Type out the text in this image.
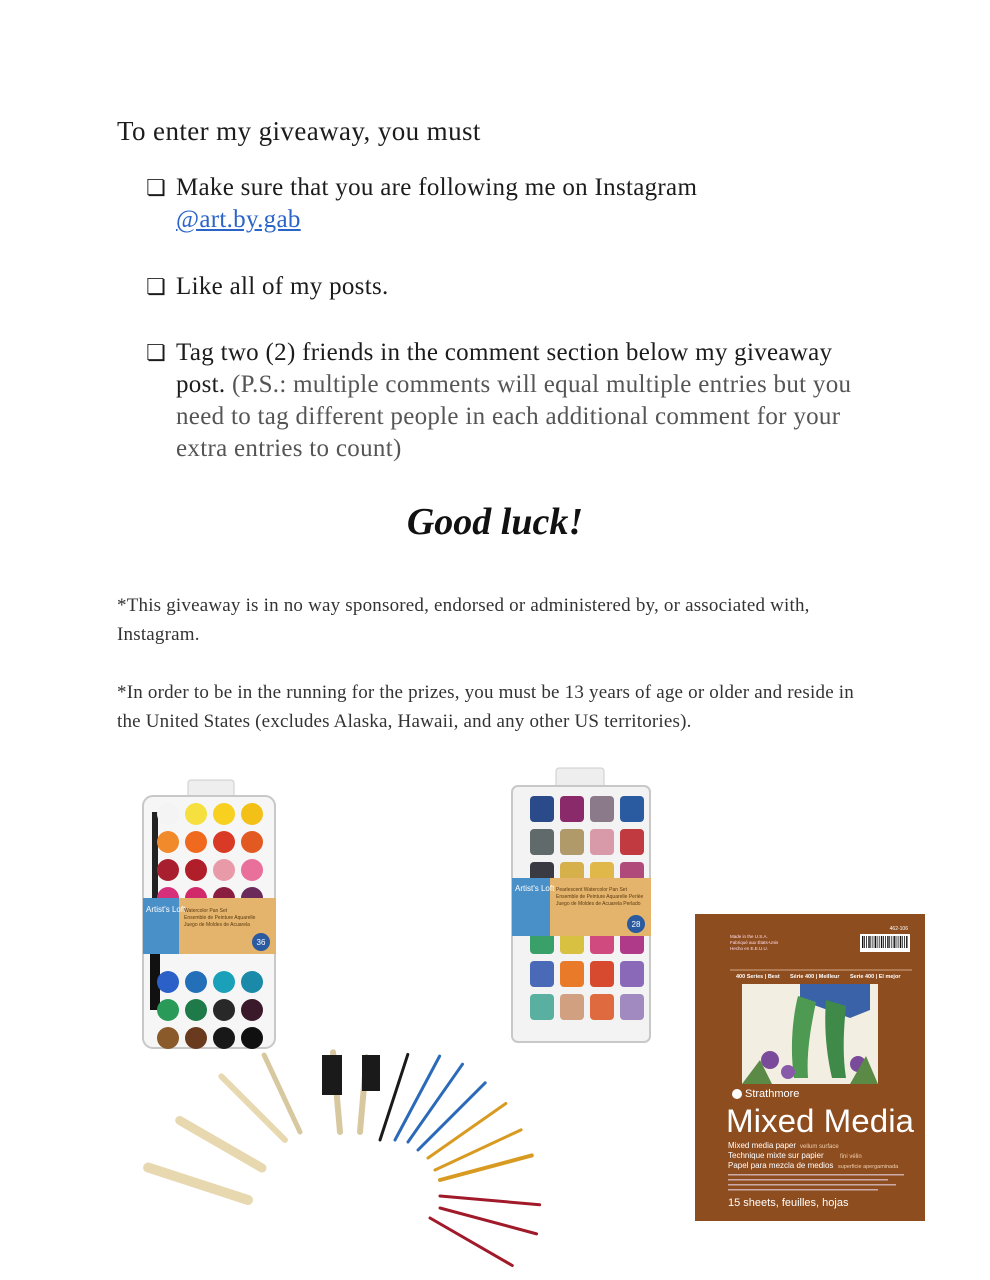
To enter my giveaway, you must
❏ Make sure that you are following me on Instagram
@art.by.gab
❏ Like all of my posts.
❏ Tag two (2) friends in the comment section below my giveaway post. (P.S.: multiple comments will equal multiple entries but you need to tag different people in each additional comment for your extra entries to count)
Good luck!
*This giveaway is in no way sponsored, endorsed or administered by, or associated with, Instagram.
*In order to be in the running for the prizes, you must be 13 years of age or older and reside in the United States (excludes Alaska, Hawaii, and any other US territories).
Artist's Loft
Watercolor Pan Set
Ensemble de Peinture Aquarelle
Juego de Moldes de Acuarela
36
Artist's Loft Pearlescent Watercolor Pan Set
Ensemble de Peinture Aquarelle Perlée
Juego de Moldes de Acuarela Perlado
28
Made in the U.S.A.
Fabriqué aux États-Unis
Hecho en E.E.U.U.
462-106
400 Series | Best Série 400 | Meilleur Serie 400 | El mejor
Strathmore
Mixed Media
Mixed media paper vellum surface
Technique mixte sur papier	fini vélin
Papel para mezcla de medios superficie apergaminada
15 sheets, feuilles, hojas
